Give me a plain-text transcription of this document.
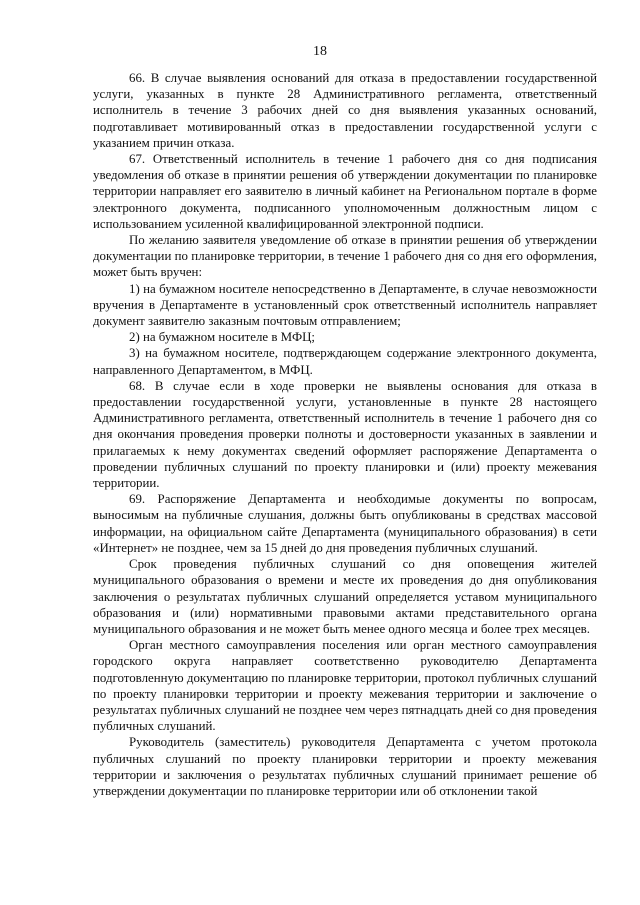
18

66. В случае выявления оснований для отказа в предоставлении государственной услуги, указанных в пункте 28 Административного регламента, ответственный исполнитель в течение 3 рабочих дней со дня выявления указанных оснований, подготавливает мотивированный отказ в предоставлении государственной услуги с указанием причин отказа.

67. Ответственный исполнитель в течение 1 рабочего дня со дня подписания уведомления об отказе в принятии решения об утверждении документации по планировке территории направляет его заявителю в личный кабинет на Региональном портале в форме электронного документа, подписанного уполномоченным должностным лицом с использованием усиленной квалифицированной электронной подписи.

По желанию заявителя уведомление об отказе в принятии решения об утверждении документации по планировке территории, в течение 1 рабочего дня со дня его оформления, может быть вручен:

1) на бумажном носителе непосредственно в Департаменте, в случае невозможности вручения в Департаменте в установленный срок ответственный исполнитель направляет документ заявителю заказным почтовым отправлением;

2) на бумажном носителе в МФЦ;

3) на бумажном носителе, подтверждающем содержание электронного документа, направленного Департаментом, в МФЦ.

68. В случае если в ходе проверки не выявлены основания для отказа в предоставлении государственной услуги, установленные в пункте 28 настоящего Административного регламента, ответственный исполнитель в течение 1 рабочего дня со дня окончания проведения проверки полноты и достоверности указанных в заявлении и прилагаемых к нему документах сведений оформляет распоряжение Департамента о проведении публичных слушаний по проекту планировки и (или) проекту межевания территории.

69. Распоряжение Департамента и необходимые документы по вопросам, выносимым на публичные слушания, должны быть опубликованы в средствах массовой информации, на официальном сайте Департамента (муниципального образования) в сети «Интернет» не позднее, чем за 15 дней до дня проведения публичных слушаний.

Срок проведения публичных слушаний со дня оповещения жителей муниципального образования о времени и месте их проведения до дня опубликования заключения о результатах публичных слушаний определяется уставом муниципального образования и (или) нормативными правовыми актами представительного органа муниципального образования и не может быть менее одного месяца и более трех месяцев.

Орган местного самоуправления поселения или орган местного самоуправления городского округа направляет соответственно руководителю Департамента подготовленную документацию по планировке территории, протокол публичных слушаний по проекту планировки территории и проекту межевания территории и заключение о результатах публичных слушаний не позднее чем через пятнадцать дней со дня проведения публичных слушаний.

Руководитель (заместитель) руководителя Департамента с учетом протокола публичных слушаний по проекту планировки территории и проекту межевания территории и заключения о результатах публичных слушаний принимает решение об утверждении документации по планировке территории или об отклонении такой
